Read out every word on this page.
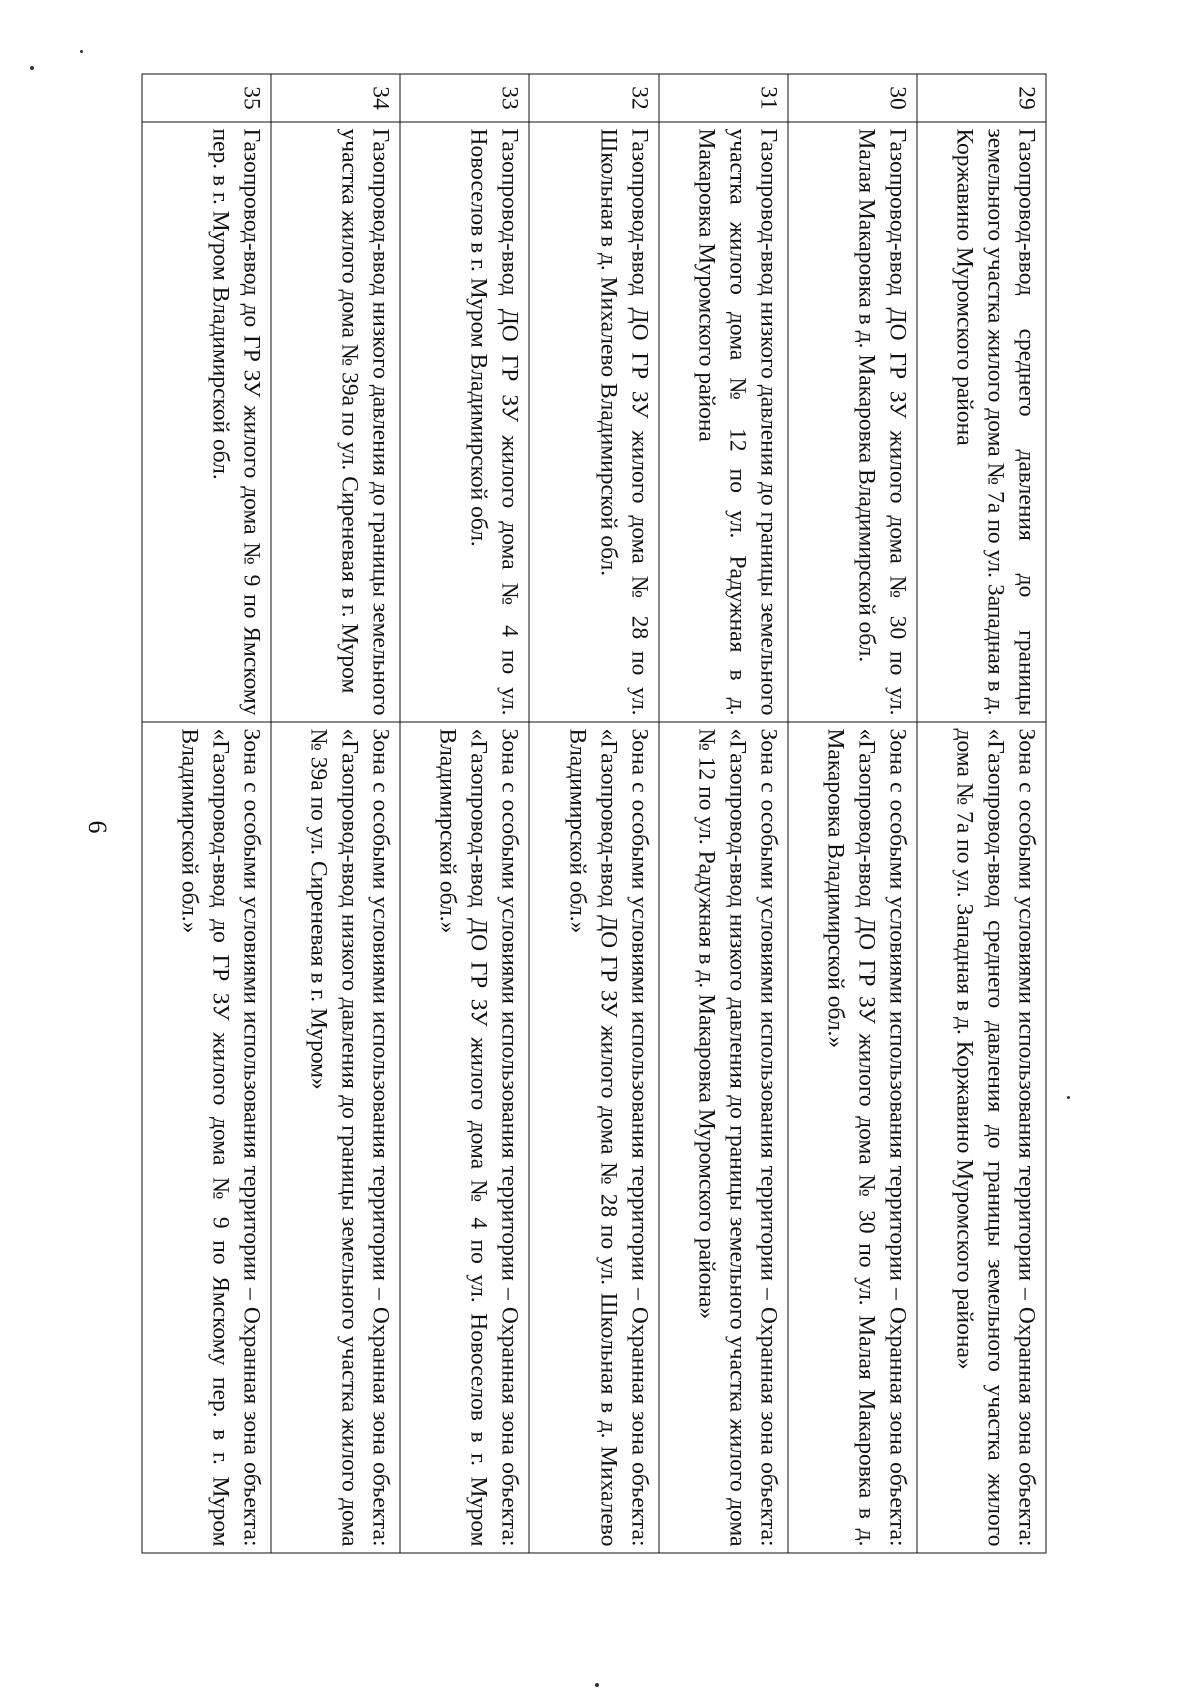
6
29	Газопровод-ввод среднего давления до границы земельного участка жилого дома № 7а по ул. Западная в д. Коржавино Муромского района	Зона с особыми условиями использования территории – Охранная зона объекта: «Газопровод-ввод среднего давления до границы земельного участка жилого дома № 7а по ул. Западная в д. Коржавино Муромского района»
30	Газопровод-ввод ДО ГР ЗУ жилого дома № 30 по ул. Малая Макаровка в д. Макаровка Владимирской обл.	Зона с особыми условиями использования территории – Охранная зона объекта: «Газопровод-ввод ДО ГР ЗУ жилого дома № 30 по ул. Малая Макаровка в д. Макаровка Владимирской обл.»
31	Газопровод-ввод низкого давления до границы земельного участка жилого дома № 12 по ул. Радужная в д. Макаровка Муромского района	Зона с особыми условиями использования территории – Охранная зона объекта: «Газопровод-ввод низкого давления до границы земельного участка жилого дома № 12 по ул. Радужная в д. Макаровка Муромского района»
32	Газопровод-ввод ДО ГР ЗУ жилого дома № 28 по ул. Школьная в д. Михалево Владимирской обл.	Зона с особыми условиями использования территории – Охранная зона объекта: «Газопровод-ввод ДО ГР ЗУ жилого дома № 28 по ул. Школьная в д. Михалево Владимирской обл.»
33	Газопровод-ввод ДО ГР ЗУ жилого дома № 4 по ул. Новоселов в г. Муром Владимирской обл.	Зона с особыми условиями использования территории – Охранная зона объекта: «Газопровод-ввод ДО ГР ЗУ жилого дома № 4 по ул. Новоселов в г. Муром Владимирской обл.»
34	Газопровод-ввод низкого давления до границы земельного участка жилого дома № 39а по ул. Сиреневая в г. Муром	Зона с особыми условиями использования территории – Охранная зона объекта: «Газопровод-ввод низкого давления до границы земельного участка жилого дома № 39а по ул. Сиреневая в г. Муром»
35	Газопровод-ввод до ГР ЗУ жилого дома № 9 по Ямскому пер. в г. Муром Владимирской обл.	Зона с особыми условиями использования территории – Охранная зона объекта: «Газопровод-ввод до ГР ЗУ жилого дома № 9 по Ямскому пер. в г. Муром Владимирской обл.»
